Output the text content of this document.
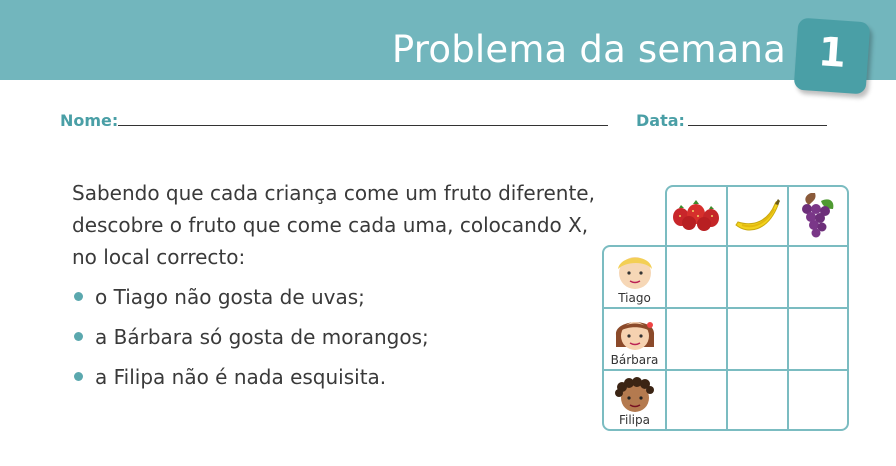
Problema da semana 1
Nome:	Data:
Sabendo que cada criança come um fruto diferente, descobre o fruto que come cada uma, colocando X, no local correcto:
o Tiago não gosta de uvas;
a Bárbara só gosta de morangos;
a Filipa não é nada esquisita.
Tiago
Bárbara
Filipa
